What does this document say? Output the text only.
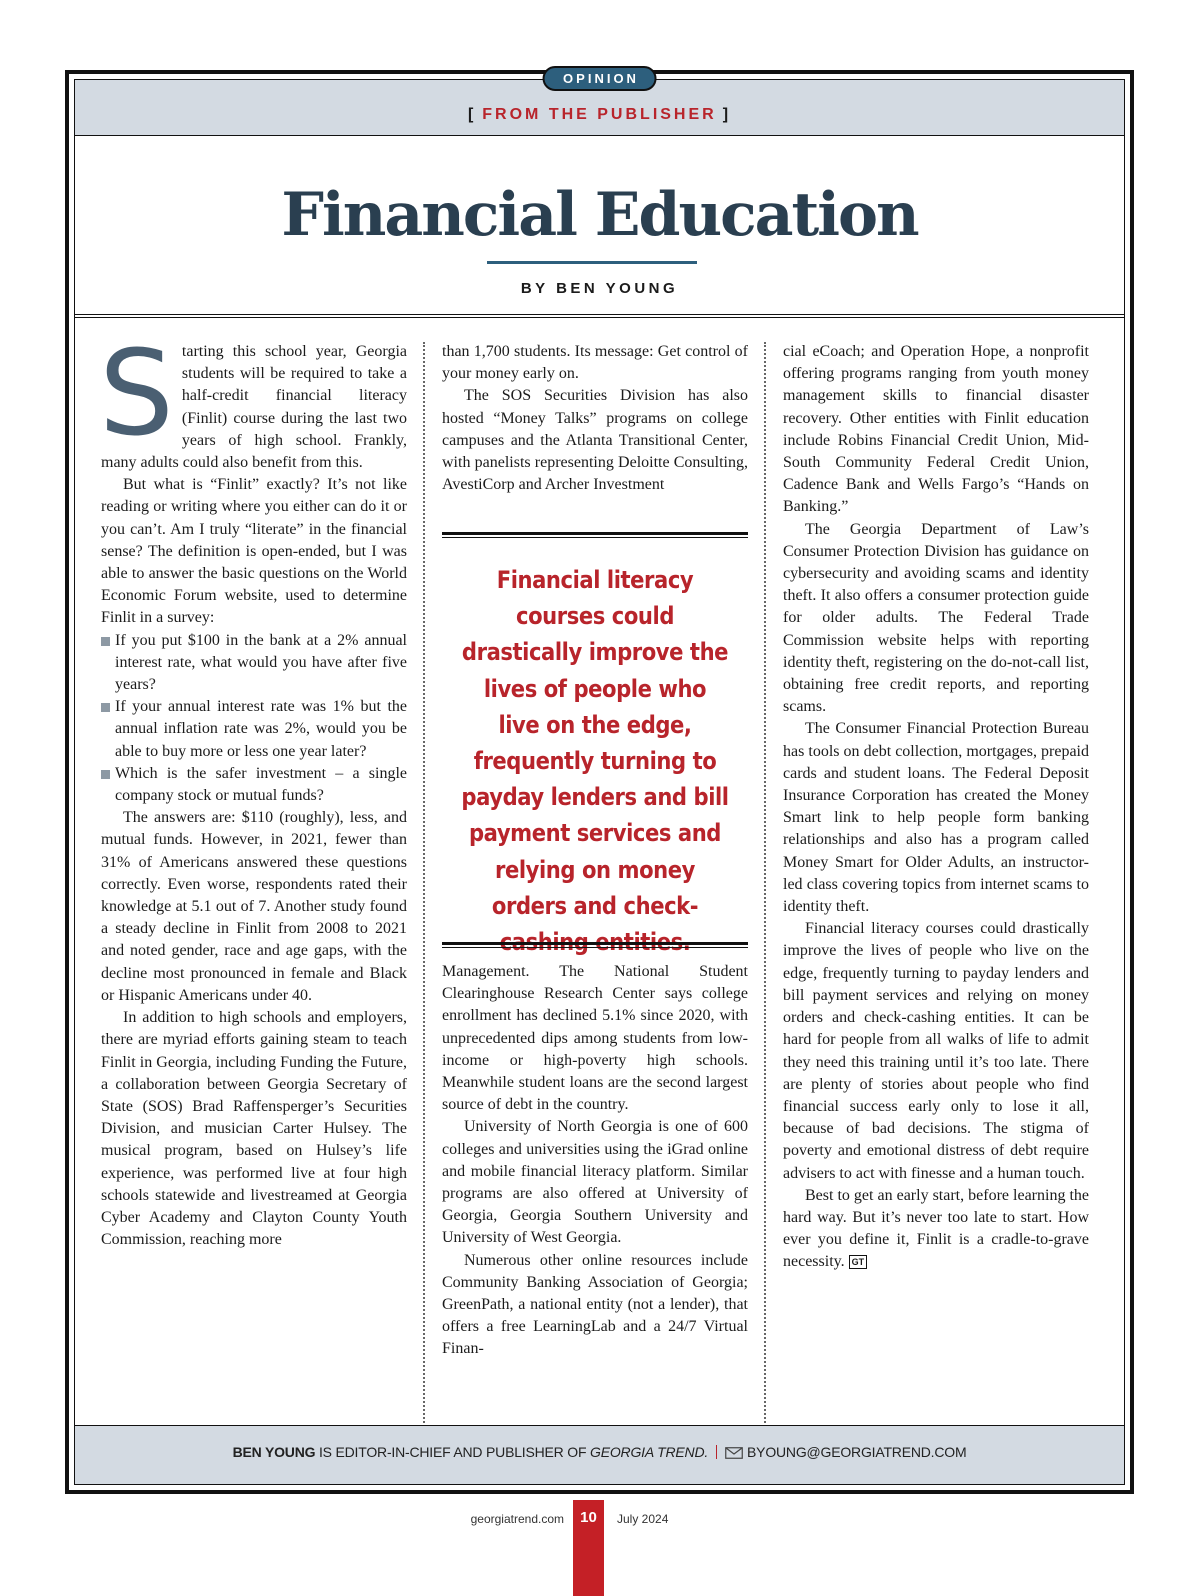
OPINION
[ FROM THE PUBLISHER ]
Financial Education
BY BEN YOUNG

Starting this school year, Georgia students will be required to take a half-credit financial literacy (Finlit) course during the last two years of high school. Frankly, many adults could also benefit from this.

But what is “Finlit” exactly? It’s not like reading or writing where you either can do it or you can’t. Am I truly “literate” in the financial sense? The definition is open-ended, but I was able to answer the basic questions on the World Economic Forum website, used to determine Finlit in a survey:

If you put $100 in the bank at a 2% annual interest rate, what would you have after five years?
If your annual interest rate was 1% but the annual inflation rate was 2%, would you be able to buy more or less one year later?
Which is the safer investment – a single company stock or mutual funds?

The answers are: $110 (roughly), less, and mutual funds. However, in 2021, fewer than 31% of Americans answered these questions correctly. Even worse, respondents rated their knowledge at 5.1 out of 7. Another study found a steady decline in Finlit from 2008 to 2021 and noted gender, race and age gaps, with the decline most pronounced in female and Black or Hispanic Americans under 40.

In addition to high schools and employers, there are myriad efforts gaining steam to teach Finlit in Georgia, including Funding the Future, a collaboration between Georgia Secretary of State (SOS) Brad Raffensperger’s Securities Division, and musician Carter Hulsey. The musical program, based on Hulsey’s life experience, was performed live at four high schools statewide and livestreamed at Georgia Cyber Academy and Clayton County Youth Commission, reaching more

than 1,700 students. Its message: Get control of your money early on.

The SOS Securities Division has also hosted “Money Talks” programs on college campuses and the Atlanta Transitional Center, with panelists representing Deloitte Consulting, AvestiCorp and Archer Investment

Financial literacy courses could drastically improve the lives of people who live on the edge, frequently turning to payday lenders and bill payment services and relying on money orders and check-cashing entities.

Management. The National Student Clearinghouse Research Center says college enrollment has declined 5.1% since 2020, with unprecedented dips among students from low-income or high-poverty high schools. Meanwhile student loans are the second largest source of debt in the country.

University of North Georgia is one of 600 colleges and universities using the iGrad online and mobile financial literacy platform. Similar programs are also offered at University of Georgia, Georgia Southern University and University of West Georgia.

Numerous other online resources include Community Banking Association of Georgia; GreenPath, a national entity (not a lender), that offers a free LearningLab and a 24/7 Virtual Finan-

cial eCoach; and Operation Hope, a nonprofit offering programs ranging from youth money management skills to financial disaster recovery. Other entities with Finlit education include Robins Financial Credit Union, Mid-South Community Federal Credit Union, Cadence Bank and Wells Fargo’s “Hands on Banking.”

The Georgia Department of Law’s Consumer Protection Division has guidance on cybersecurity and avoiding scams and identity theft. It also offers a consumer protection guide for older adults. The Federal Trade Commission website helps with reporting identity theft, registering on the do-not-call list, obtaining free credit reports, and reporting scams.

The Consumer Financial Protection Bureau has tools on debt collection, mortgages, prepaid cards and student loans. The Federal Deposit Insurance Corporation has created the Money Smart link to help people form banking relationships and also has a program called Money Smart for Older Adults, an instructor-led class covering topics from internet scams to identity theft.

Financial literacy courses could drastically improve the lives of people who live on the edge, frequently turning to payday lenders and bill payment services and relying on money orders and check-cashing entities. It can be hard for people from all walks of life to admit they need this training until it’s too late. There are plenty of stories about people who find financial success early only to lose it all, because of bad decisions. The stigma of poverty and emotional distress of debt require advisers to act with finesse and a human touch.

Best to get an early start, before learning the hard way. But it’s never too late to start. How ever you define it, Finlit is a cradle-to-grave necessity. GT

BEN YOUNG IS EDITOR-IN-CHIEF AND PUBLISHER OF GEORGIA TREND.	BYOUNG@GEORGIATREND.COM
georgiatrend.com	10	July 2024
